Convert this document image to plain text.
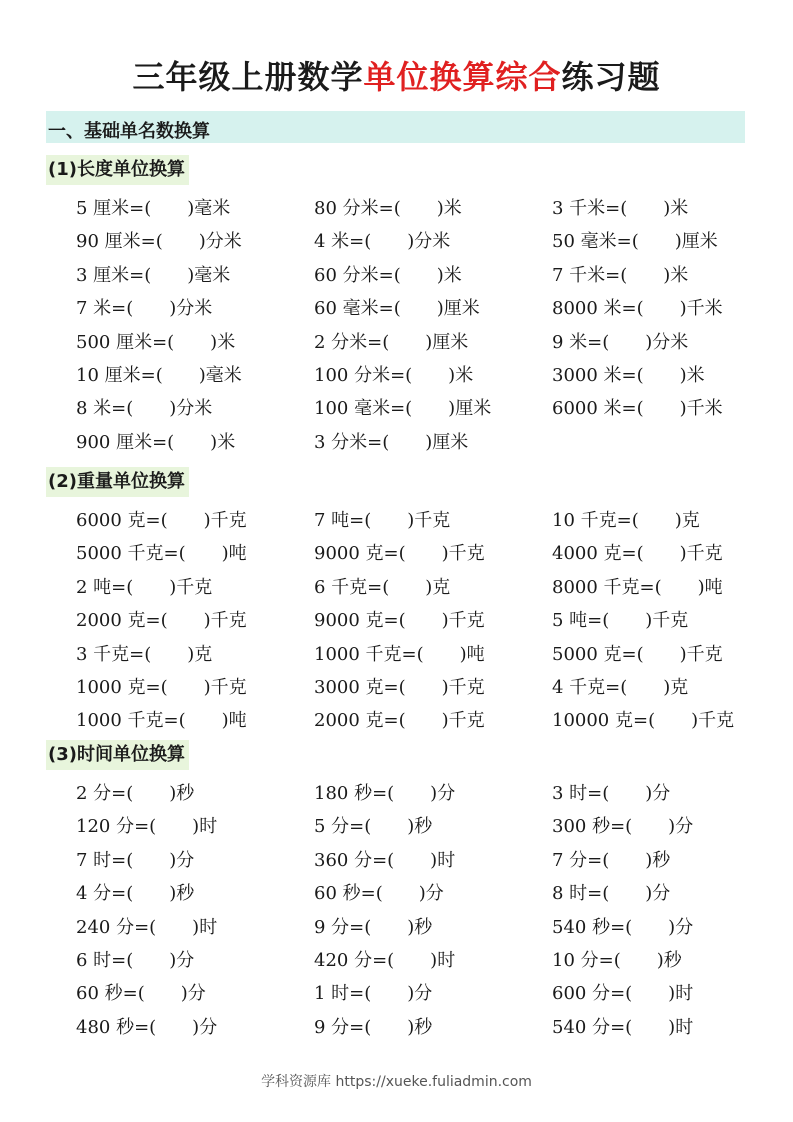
三年级上册数学单位换算综合练习题
一、基础单名数换算
(1)长度单位换算
5 厘米=(　　)毫米	80 分米=(　　)米	3 千米=(　　)米
90 厘米=(　　)分米	4 米=(　　)分米	50 毫米=(　　)厘米
3 厘米=(　　)毫米	60 分米=(　　)米	7 千米=(　　)米
7 米=(　　)分米	60 毫米=(　　)厘米	8000 米=(　　)千米
500 厘米=(　　)米	2 分米=(　　)厘米	9 米=(　　)分米
10 厘米=(　　)毫米	100 分米=(　　)米	3000 米=(　　)米
8 米=(　　)分米	100 毫米=(　　)厘米	6000 米=(　　)千米
900 厘米=(　　)米	3 分米=(　　)厘米
(2)重量单位换算
6000 克=(　　)千克	7 吨=(　　)千克	10 千克=(　　)克
5000 千克=(　　)吨	9000 克=(　　)千克	4000 克=(　　)千克
2 吨=(　　)千克	6 千克=(　　)克	8000 千克=(　　)吨
2000 克=(　　)千克	9000 克=(　　)千克	5 吨=(　　)千克
3 千克=(　　)克	1000 千克=(　　)吨	5000 克=(　　)千克
1000 克=(　　)千克	3000 克=(　　)千克	4 千克=(　　)克
1000 千克=(　　)吨	2000 克=(　　)千克	10000 克=(　　)千克
(3)时间单位换算
2 分=(　　)秒	180 秒=(　　)分	3 时=(　　)分
120 分=(　　)时	5 分=(　　)秒	300 秒=(　　)分
7 时=(　　)分	360 分=(　　)时	7 分=(　　)秒
4 分=(　　)秒	60 秒=(　　)分	8 时=(　　)分
240 分=(　　)时	9 分=(　　)秒	540 秒=(　　)分
6 时=(　　)分	420 分=(　　)时	10 分=(　　)秒
60 秒=(　　)分	1 时=(　　)分	600 分=(　　)时
480 秒=(　　)分	9 分=(　　)秒	540 分=(　　)时
学科资源库 https://xueke.fuliadmin.com
